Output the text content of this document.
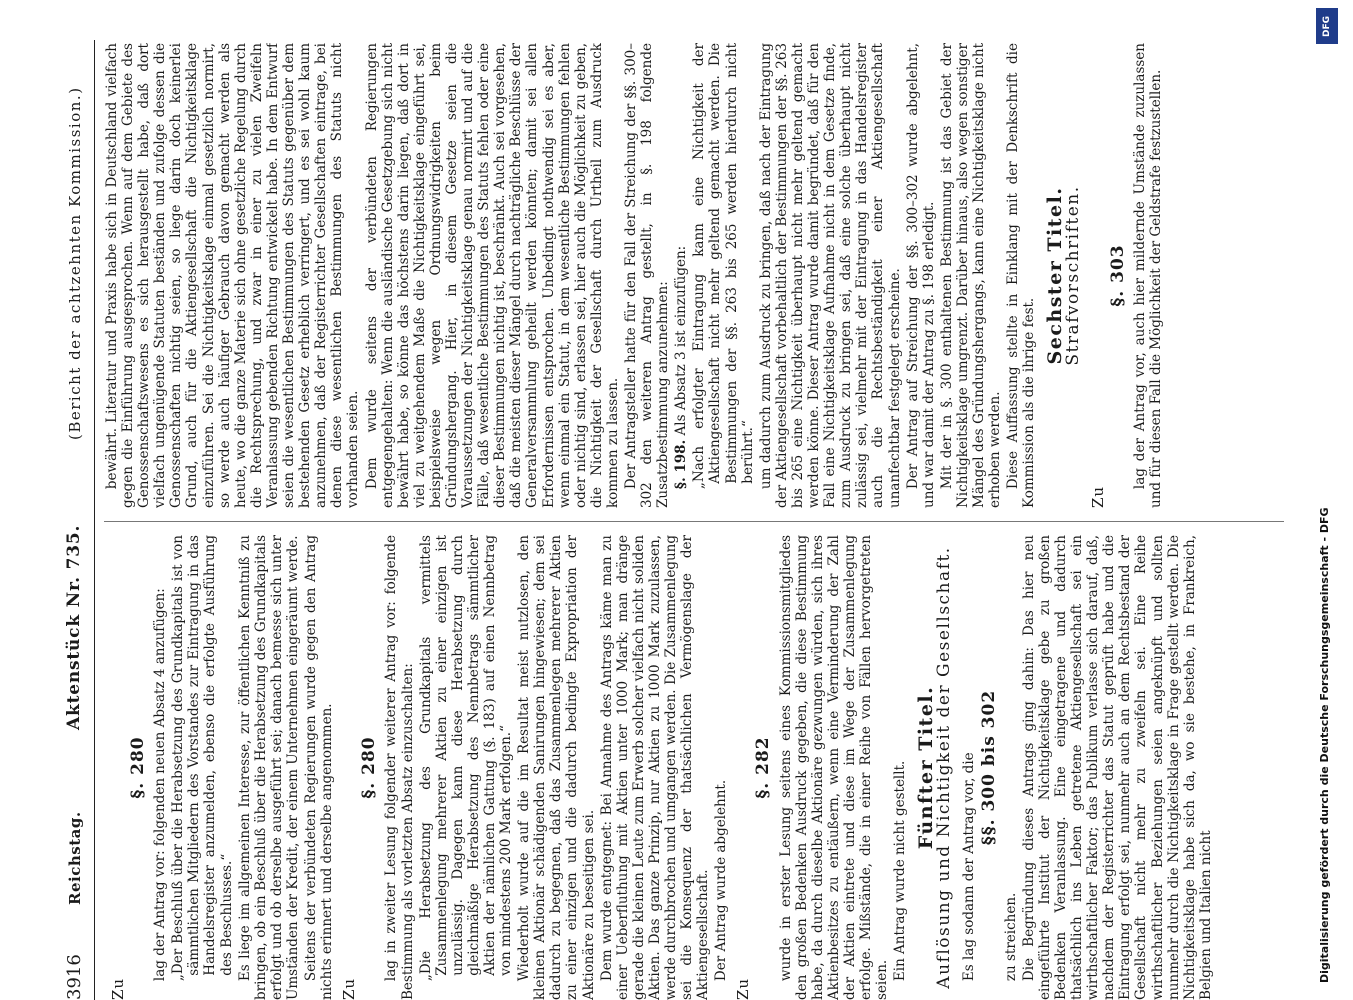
3916
Reichstag.
Aktenstück Nr. 735.
(Bericht der achtzehnten Kommission.)
Zu
§. 280 lag der Antrag vor: folgenden neuen Absatz 4 anzufügen: „Der Beschluß über die Herabsetzung des Grundkapitals ist von sämmtlichen Mitgliedern des Vorstandes zur Eintragung in das Handelsregister anzumelden, ebenso die erfolgte Ausführung des Beschlusses.“ Es liege im allgemeinen Interesse, zur öffentlichen Kenntniß zu bringen, ob ein Beschluß über die Herabsetzung des Grundkapitals erfolgt und ob derselbe ausgeführt sei; danach bemesse sich unter Umständen der Kredit, der einem Unternehmen eingeräumt werde. Seitens der verbündeten Regierungen wurde gegen den Antrag nichts erinnert und derselbe angenommen. Zu
§. 280 lag in zweiter Lesung folgender weiterer Antrag vor: folgende Bestimmung als vorletzten Absatz einzuschalten: „Die Herabsetzung des Grundkapitals vermittels Zusammenlegung mehrerer Aktien zu einer einzigen ist unzulässig. Dagegen kann diese Herabsetzung durch gleichmäßige Herabsetzung des Nennbetrags sämmtlicher Aktien der nämlichen Gattung (§. 183) auf einen Nennbetrag von mindestens 200 Mark erfolgen.“ Wiederholt wurde auf die im Resultat meist nutzlosen, den kleinen Aktionär schädigenden Sanirungen hingewiesen; dem sei dadurch zu begegnen, daß das Zusammenlegen mehrerer Aktien zu einer einzigen und die dadurch bedingte Expropriation der Aktionäre zu beseitigen sei. Dem wurde entgegnet: Bei Annahme des Antrags käme man zu einer Ueberfluthung mit Aktien unter 1000 Mark; man dränge gerade die kleinen Leute zum Erwerb solcher vielfach nicht soliden Aktien. Das ganze Prinzip, nur Aktien zu 1000 Mark zuzulassen, werde durchbrochen und umgangen werden. Die Zusammenlegung sei die Konsequenz der thatsächlichen Vermögenslage der Aktiengesellschaft. Der Antrag wurde abgelehnt.

Zu
§. 282 wurde in erster Lesung seitens eines Kommissionsmitgliedes den großen Bedenken Ausdruck gegeben, die diese Bestimmung habe, da durch dieselbe Aktionäre gezwungen würden, sich ihres Aktienbesitzes zu entäußern, wenn eine Verminderung der Zahl der Aktien eintrete und diese im Wege der Zusammenlegung erfolge. Mißstände, die in einer Reihe von Fällen hervorgetreten seien. Ein Antrag wurde nicht gestellt. Fünfter Titel.
Auflösung und Nichtigkeit der Gesellschaft. Es lag sodann der Antrag vor, die §§. 300 bis 302

zu streichen. Die Begründung dieses Antrags ging dahin: Das hier neu eingeführte Institut der Nichtigkeitsklage gebe zu großen Bedenken Veranlassung. Eine eingetragene und dadurch thatsächlich ins Leben getretene Aktiengesellschaft sei ein wirthschaftlicher Faktor; das Publikum verlasse sich darauf, daß, nachdem der Registerrichter das Statut geprüft habe und die Eintragung erfolgt sei, nunmehr auch an dem Rechtsbestand der Gesellschaft nicht mehr zu zweifeln sei. Eine Reihe wirthschaftlicher Beziehungen seien angeknüpft und sollten nunmehr durch die Nichtigkeitsklage in Frage gestellt werden. Die Nichtigkeitsklage habe sich da, wo sie bestehe, in Frankreich, Belgien und Italien nicht

bewährt. Literatur und Praxis habe sich in Deutschland vielfach gegen die Einführung ausgesprochen. Wenn auf dem Gebiete des Genossenschaftswesens es sich herausgestellt habe, daß dort vielfach ungenügende Statuten beständen und zufolge dessen die Genossenschaften nichtig seien, so liege darin doch keinerlei Grund, auch für die Aktiengesellschaft die Nichtigkeitsklage einzuführen. Sei die Nichtigkeitsklage einmal gesetzlich normirt, so werde auch häufiger Gebrauch davon gemacht werden als heute, wo die ganze Materie sich ohne gesetzliche Regelung durch die Rechtsprechung, und zwar in einer zu vielen Zweifeln Veranlassung gebenden Richtung entwickelt habe. In dem Entwurf seien die wesentlichen Bestimmungen des Statuts gegenüber dem bestehenden Gesetz erheblich verringert, und es sei wohl kaum anzunehmen, daß der Registerrichter Gesellschaften eintrage, bei denen diese wesentlichen Bestimmungen des Statuts nicht vorhanden seien. Dem wurde seitens der verbündeten Regierungen entgegengehalten: Wenn die ausländische Gesetzgebung sich nicht bewährt habe, so könne das höchstens darin liegen, daß dort in viel zu weitgehendem Maße die Nichtigkeitsklage eingeführt sei, beispielsweise wegen Ordnungswidrigkeiten beim Gründungshergang. Hier, in diesem Gesetze seien die Voraussetzungen der Nichtigkeitsklage genau normirt und auf die Fälle, daß wesentliche Bestimmungen des Statuts fehlen oder eine dieser Bestimmungen nichtig ist, beschränkt. Auch sei vorgesehen, daß die meisten dieser Mängel durch nachträgliche Beschlüsse der Generalversammlung geheilt werden könnten; damit sei allen Erfordernissen entsprochen. Unbedingt nothwendig sei es aber, wenn einmal ein Statut, in dem wesentliche Bestimmungen fehlen oder nichtig sind, erlassen sei, hier auch die Möglichkeit zu geben, die Nichtigkeit der Gesellschaft durch Urtheil zum Ausdruck kommen zu lassen. Der Antragsteller hatte für den Fall der Streichung der §§. 300–302 den weiteren Antrag gestellt, in §. 198 folgende Zusatzbestimmung anzunehmen: §. 198. Als Absatz 3 ist einzufügen: „Nach erfolgter Eintragung kann eine Nichtigkeit der Aktiengesellschaft nicht mehr geltend gemacht werden. Die Bestimmungen der §§. 263 bis 265 werden hierdurch nicht berührt.“ um dadurch zum Ausdruck zu bringen, daß nach der Eintragung der Aktiengesellschaft vorbehaltlich der Bestimmungen der §§. 263 bis 265 eine Nichtigkeit überhaupt nicht mehr geltend gemacht werden könne. Dieser Antrag wurde damit begründet, daß für den Fall eine Nichtigkeitsklage Aufnahme nicht in dem Gesetze finde, zum Ausdruck zu bringen sei, daß eine solche überhaupt nicht zulässig sei, vielmehr mit der Eintragung in das Handelsregister auch die Rechtsbeständigkeit einer Aktiengesellschaft unanfechtbar festgelegt erscheine. Der Antrag auf Streichung der §§. 300–302 wurde abgelehnt, und war damit der Antrag zu §. 198 erledigt. Mit der in §. 300 enthaltenen Bestimmung ist das Gebiet der Nichtigkeitsklage umgrenzt. Darüber hinaus, also wegen sonstiger Mängel des Gründungshergangs, kann eine Nichtigkeitsklage nicht erhoben werden. Diese Auffassung stellte in Einklang mit der Denkschrift die Kommission als die ihrige fest.

Sechster Titel.
Strafvorschriften.
Zu
§. 303 lag der Antrag vor, auch hier mildernde Umstände zuzulassen und für diesen Fall die Möglichkeit der Geldstrafe festzustellen.

DFG
Digitalisierung gefördert durch die Deutsche Forschungsgemeinschaft - DFG
